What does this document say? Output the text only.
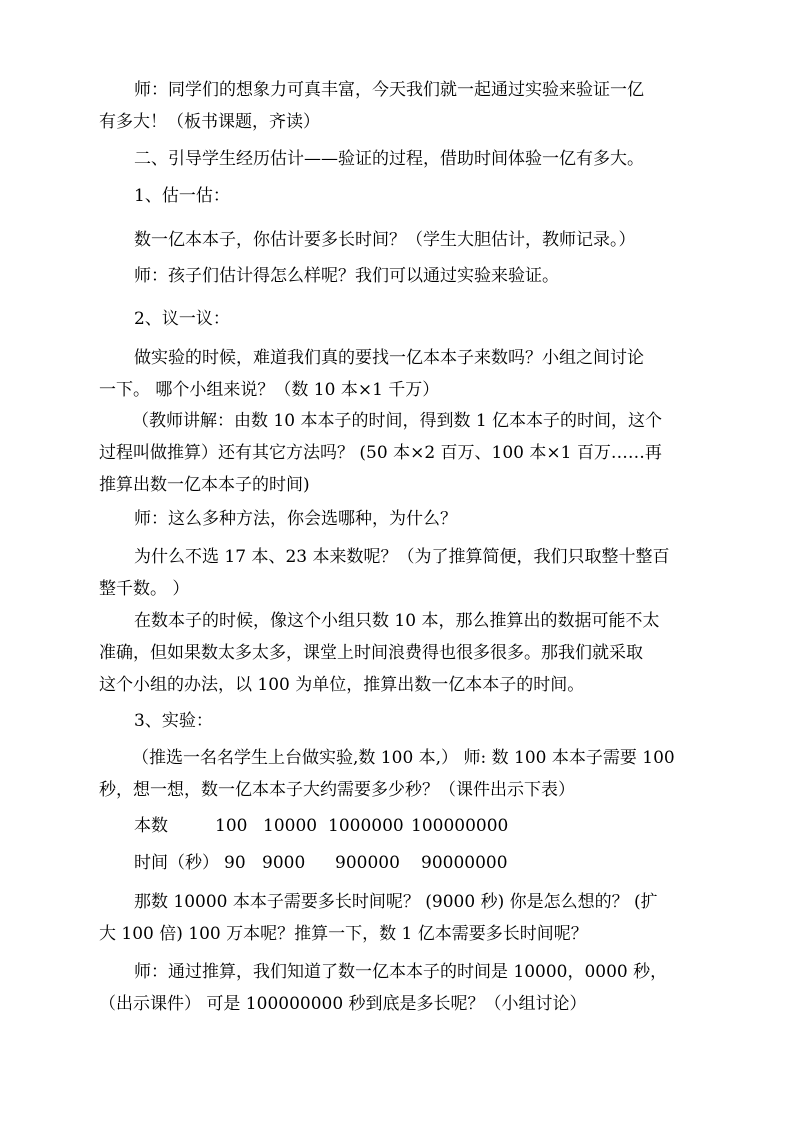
师：同学们的想象力可真丰富，今天我们就一起通过实验来验证一亿
有多大！（板书课题，齐读）
二、引导学生经历估计——验证的过程，借助时间体验一亿有多大。
1、估一估：
数一亿本本子，你估计要多长时间？（学生大胆估计，教师记录。）
师：孩子们估计得怎么样呢？我们可以通过实验来验证。
2、议一议：
做实验的时候，难道我们真的要找一亿本本子来数吗？小组之间讨论
一下。 哪个小组来说？（数 10 本×1 千万）
（教师讲解：由数 10 本本子的时间，得到数 1 亿本本子的时间，这个
过程叫做推算）还有其它方法吗？ (50 本×2 百万、100 本×1 百万……再
推算出数一亿本本子的时间)
师：这么多种方法，你会选哪种，为什么？
为什么不选 17 本、23 本来数呢？（为了推算简便，我们只取整十整百
整千数。 ）
在数本子的时候，像这个小组只数 10 本，那么推算出的数据可能不太
准确，但如果数太多太多，课堂上时间浪费得也很多很多。那我们就采取
这个小组的办法，以 100 为单位，推算出数一亿本本子的时间。
3、实验：
（推选一名名学生上台做实验,数 100 本,） 师: 数 100 本本子需要 100
秒，想一想，数一亿本本子大约需要多少秒？（课件出示下表）
本数	100 10000 1000000 100000000
时间（秒） 90 9000 900000 90000000
那数 10000 本本子需要多长时间呢？ (9000 秒) 你是怎么想的？ (扩
大 100 倍) 100 万本呢？推算一下，数 1 亿本需要多长时间呢？
师：通过推算，我们知道了数一亿本本子的时间是 10000，0000 秒，
（出示课件） 可是 100000000 秒到底是多长呢？（小组讨论）
